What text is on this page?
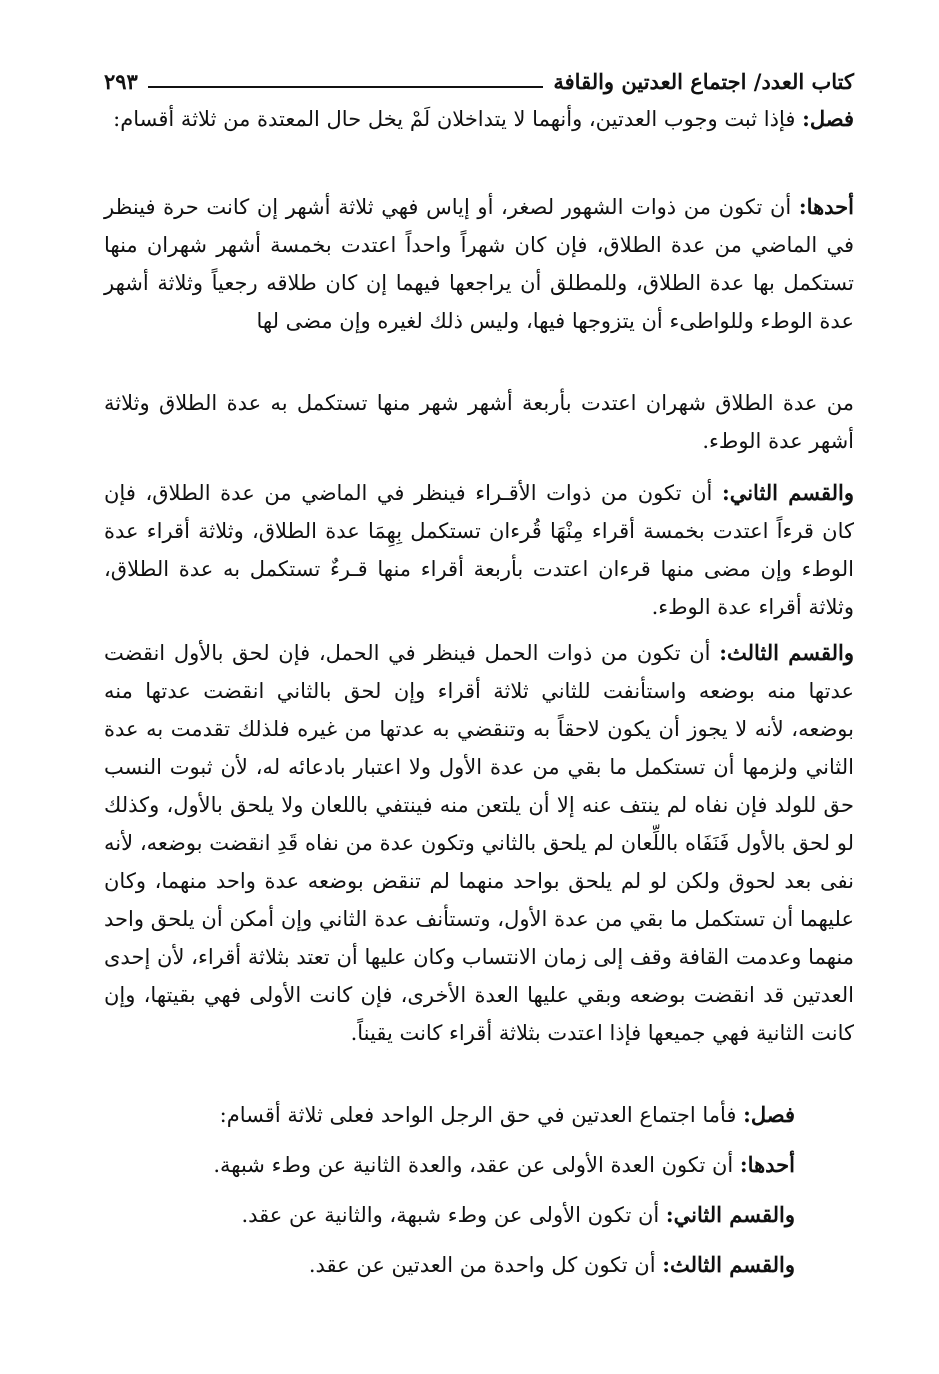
كتاب العدد/ اجتماع العدتين والقافة
٢٩٣

فصل: فإذا ثبت وجوب العدتين، وأنهما لا يتداخلان لَمْ يخل حال المعتدة من ثلاثة أقسام:

أحدها: أن تكون من ذوات الشهور لصغر، أو إياس فهي ثلاثة أشهر إن كانت حرة فينظر في الماضي من عدة الطلاق، فإن كان شهراً واحداً اعتدت بخمسة أشهر شهران منها تستكمل بها عدة الطلاق، وللمطلق أن يراجعها فيهما إن كان طلاقه رجعياً وثلاثة أشهر عدة الوطء وللواطىء أن يتزوجها فيها، وليس ذلك لغيره وإن مضى لها

من عدة الطلاق شهران اعتدت بأربعة أشهر شهر منها تستكمل به عدة الطلاق وثلاثة أشهر عدة الوطء.

والقسم الثاني: أن تكون من ذوات الأقـراء فينظر في الماضي من عدة الطلاق، فإن كان قرءاً اعتدت بخمسة أقراء مِنْهَا قُرءان تستكمل بِهِمَا عدة الطلاق، وثلاثة أقراء عدة الوطء وإن مضى منها قرءان اعتدت بأربعة أقراء منها قـرءٌ تستكمل به عدة الطلاق، وثلاثة أقراء عدة الوطء.

والقسم الثالث: أن تكون من ذوات الحمل فينظر في الحمل، فإن لحق بالأول انقضت عدتها منه بوضعه واستأنفت للثاني ثلاثة أقراء وإن لحق بالثاني انقضت عدتها منه بوضعه، لأنه لا يجوز أن يكون لاحقاً به وتنقضي به عدتها من غيره فلذلك تقدمت به عدة الثاني ولزمها أن تستكمل ما بقي من عدة الأول ولا اعتبار بادعائه له، لأن ثبوت النسب حق للولد فإن نفاه لم ينتف عنه إلا أن يلتعن منه فينتفي باللعان ولا يلحق بالأول، وكذلك لو لحق بالأول فَنَفَاه باللِّعان لم يلحق بالثاني وتكون عدة من نفاه قَدِ انقضت بوضعه، لأنه نفى بعد لحوق ولكن لو لم يلحق بواحد منهما لم تنقض بوضعه عدة واحد منهما، وكان عليهما أن تستكمل ما بقي من عدة الأول، وتستأنف عدة الثاني وإن أمكن أن يلحق واحد منهما وعدمت القافة وقف إلى زمان الانتساب وكان عليها أن تعتد بثلاثة أقراء، لأن إحدى العدتين قد انقضت بوضعه وبقي عليها العدة الأخرى، فإن كانت الأولى فهي بقيتها، وإن كانت الثانية فهي جميعها فإذا اعتدت بثلاثة أقراء كانت يقيناً.

فصل: فأما اجتماع العدتين في حق الرجل الواحد فعلى ثلاثة أقسام:

أحدها: أن تكون العدة الأولى عن عقد، والعدة الثانية عن وطء شبهة.

والقسم الثاني: أن تكون الأولى عن وطء شبهة، والثانية عن عقد.

والقسم الثالث: أن تكون كل واحدة من العدتين عن عقد.
